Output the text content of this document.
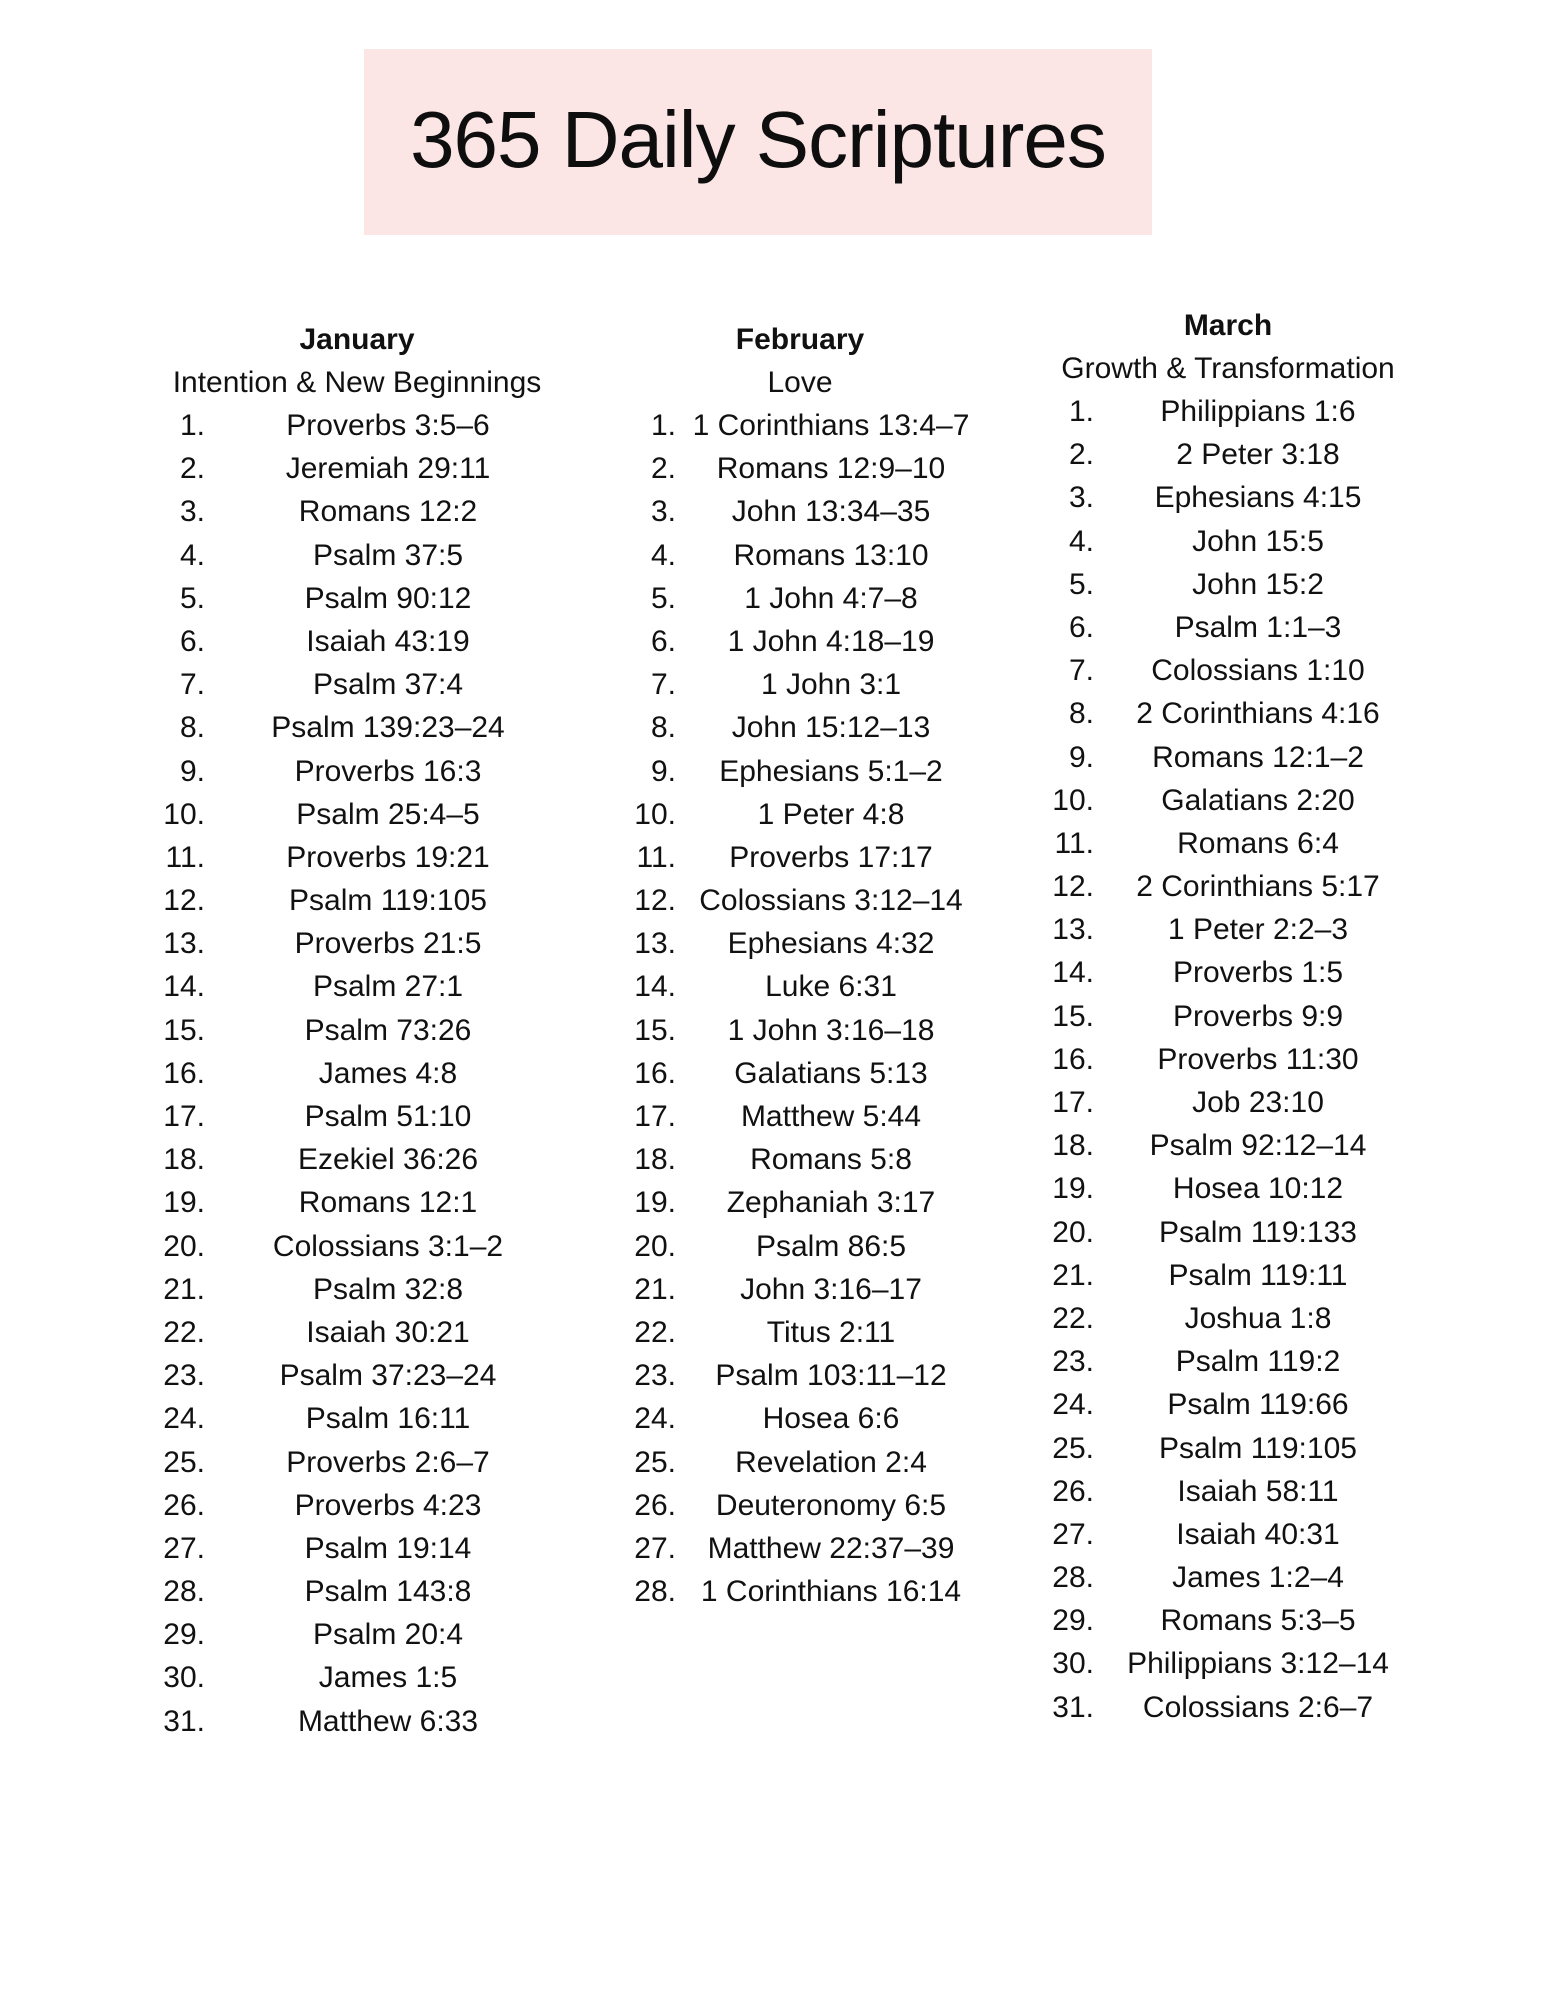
365 Daily Scriptures
January
Intention & New Beginnings
1.	Proverbs 3:5–6
2.	Jeremiah 29:11
3.	Romans 12:2
4.	Psalm 37:5
5.	Psalm 90:12
6.	Isaiah 43:19
7.	Psalm 37:4
8.	Psalm 139:23–24
9.	Proverbs 16:3
10.	Psalm 25:4–5
11.	Proverbs 19:21
12.	Psalm 119:105
13.	Proverbs 21:5
14.	Psalm 27:1
15.	Psalm 73:26
16.	James 4:8
17.	Psalm 51:10
18.	Ezekiel 36:26
19.	Romans 12:1
20.	Colossians 3:1–2
21.	Psalm 32:8
22.	Isaiah 30:21
23.	Psalm 37:23–24
24.	Psalm 16:11
25.	Proverbs 2:6–7
26.	Proverbs 4:23
27.	Psalm 19:14
28.	Psalm 143:8
29.	Psalm 20:4
30.	James 1:5
31.	Matthew 6:33
February
Love
1. 1 Corinthians 13:4–7
2.	Romans 12:9–10
3.	John 13:34–35
4.	Romans 13:10
5.	1 John 4:7–8
6.	1 John 4:18–19
7.	1 John 3:1
8.	John 15:12–13
9.	Ephesians 5:1–2
10.	1 Peter 4:8
11.	Proverbs 17:17
12. Colossians 3:12–14
13.	Ephesians 4:32
14.	Luke 6:31
15.	1 John 3:16–18
16.	Galatians 5:13
17.	Matthew 5:44
18.	Romans 5:8
19.	Zephaniah 3:17
20.	Psalm 86:5
21.	John 3:16–17
22.	Titus 2:11
23.	Psalm 103:11–12
24.	Hosea 6:6
25.	Revelation 2:4
26.	Deuteronomy 6:5
27.	Matthew 22:37–39
28. 1 Corinthians 16:14
March
Growth & Transformation
1.	Philippians 1:6
2.	2 Peter 3:18
3.	Ephesians 4:15
4.	John 15:5
5.	John 15:2
6.	Psalm 1:1–3
7.	Colossians 1:10
8.	2 Corinthians 4:16
9.	Romans 12:1–2
10.	Galatians 2:20
11.	Romans 6:4
12.	2 Corinthians 5:17
13.	1 Peter 2:2–3
14.	Proverbs 1:5
15.	Proverbs 9:9
16.	Proverbs 11:30
17.	Job 23:10
18.	Psalm 92:12–14
19.	Hosea 10:12
20.	Psalm 119:133
21.	Psalm 119:11
22.	Joshua 1:8
23.	Psalm 119:2
24.	Psalm 119:66
25.	Psalm 119:105
26.	Isaiah 58:11
27.	Isaiah 40:31
28.	James 1:2–4
29.	Romans 5:3–5
30.	Philippians 3:12–14
31.	Colossians 2:6–7
